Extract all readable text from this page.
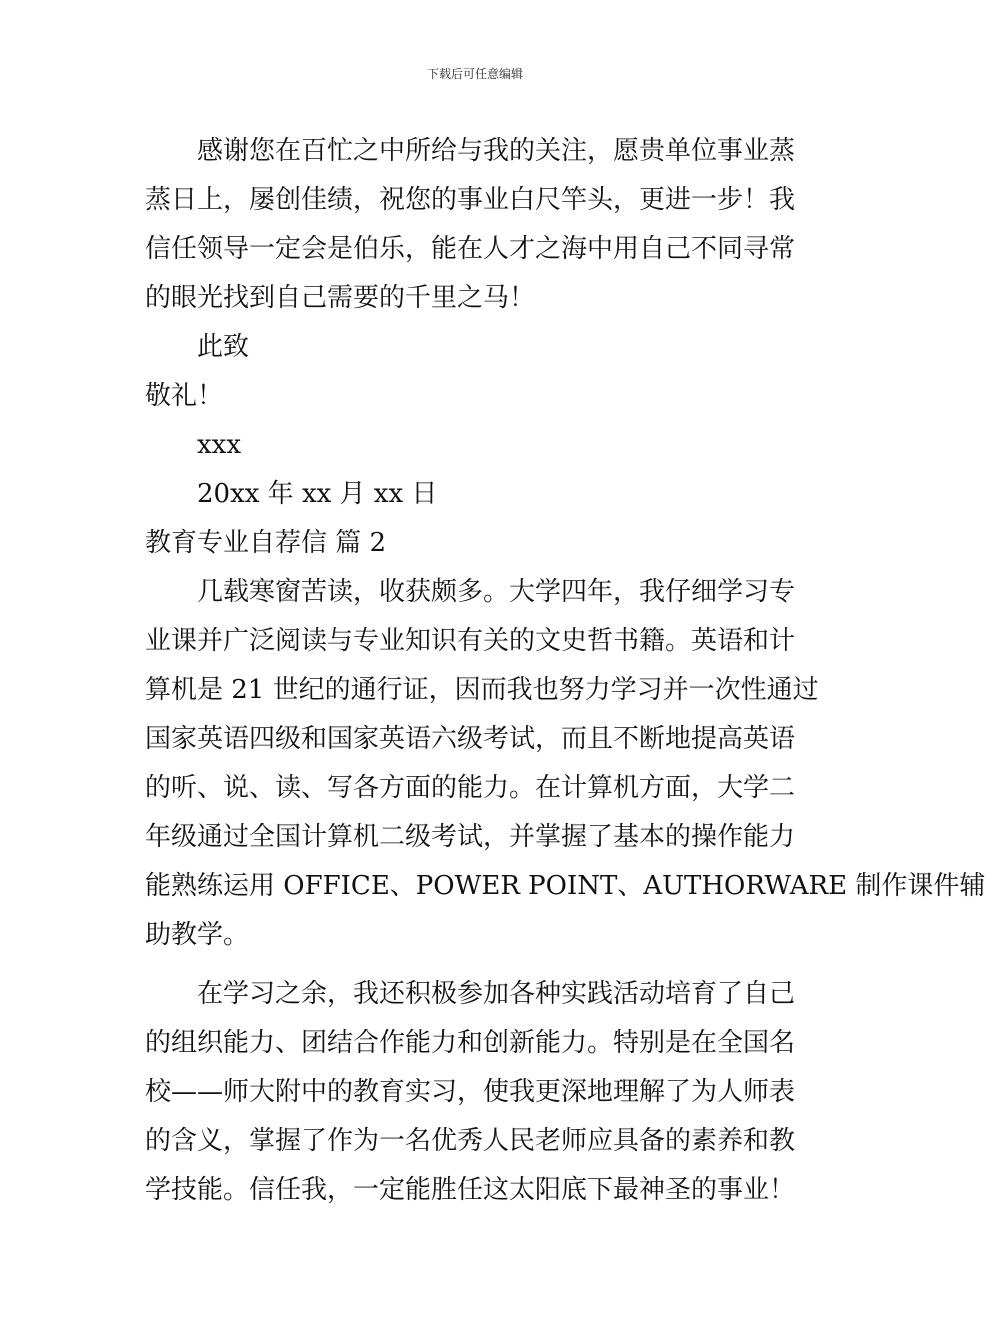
下载后可任意编辑
感谢您在百忙之中所给与我的关注，愿贵单位事业蒸
蒸日上，屡创佳绩，祝您的事业白尺竿头，更进一步！我
信任领导一定会是伯乐，能在人才之海中用自己不同寻常
的眼光找到自己需要的千里之马！
此致
敬礼！
xxx
20xx 年 xx 月 xx 日
教育专业自荐信 篇 2
几载寒窗苦读，收获颇多。大学四年，我仔细学习专
业课并广泛阅读与专业知识有关的文史哲书籍。英语和计
算机是 21 世纪的通行证，因而我也努力学习并一次性通过
国家英语四级和国家英语六级考试，而且不断地提高英语
的听、说、读、写各方面的能力。在计算机方面，大学二
年级通过全国计算机二级考试，并掌握了基本的操作能力
能熟练运用 OFFICE、POWER POINT、AUTHORWARE 制作课件辅
助教学。
在学习之余，我还积极参加各种实践活动培育了自己
的组织能力、团结合作能力和创新能力。特别是在全国名
校——师大附中的教育实习，使我更深地理解了为人师表
的含义，掌握了作为一名优秀人民老师应具备的素养和教
学技能。信任我，一定能胜任这太阳底下最神圣的事业！
